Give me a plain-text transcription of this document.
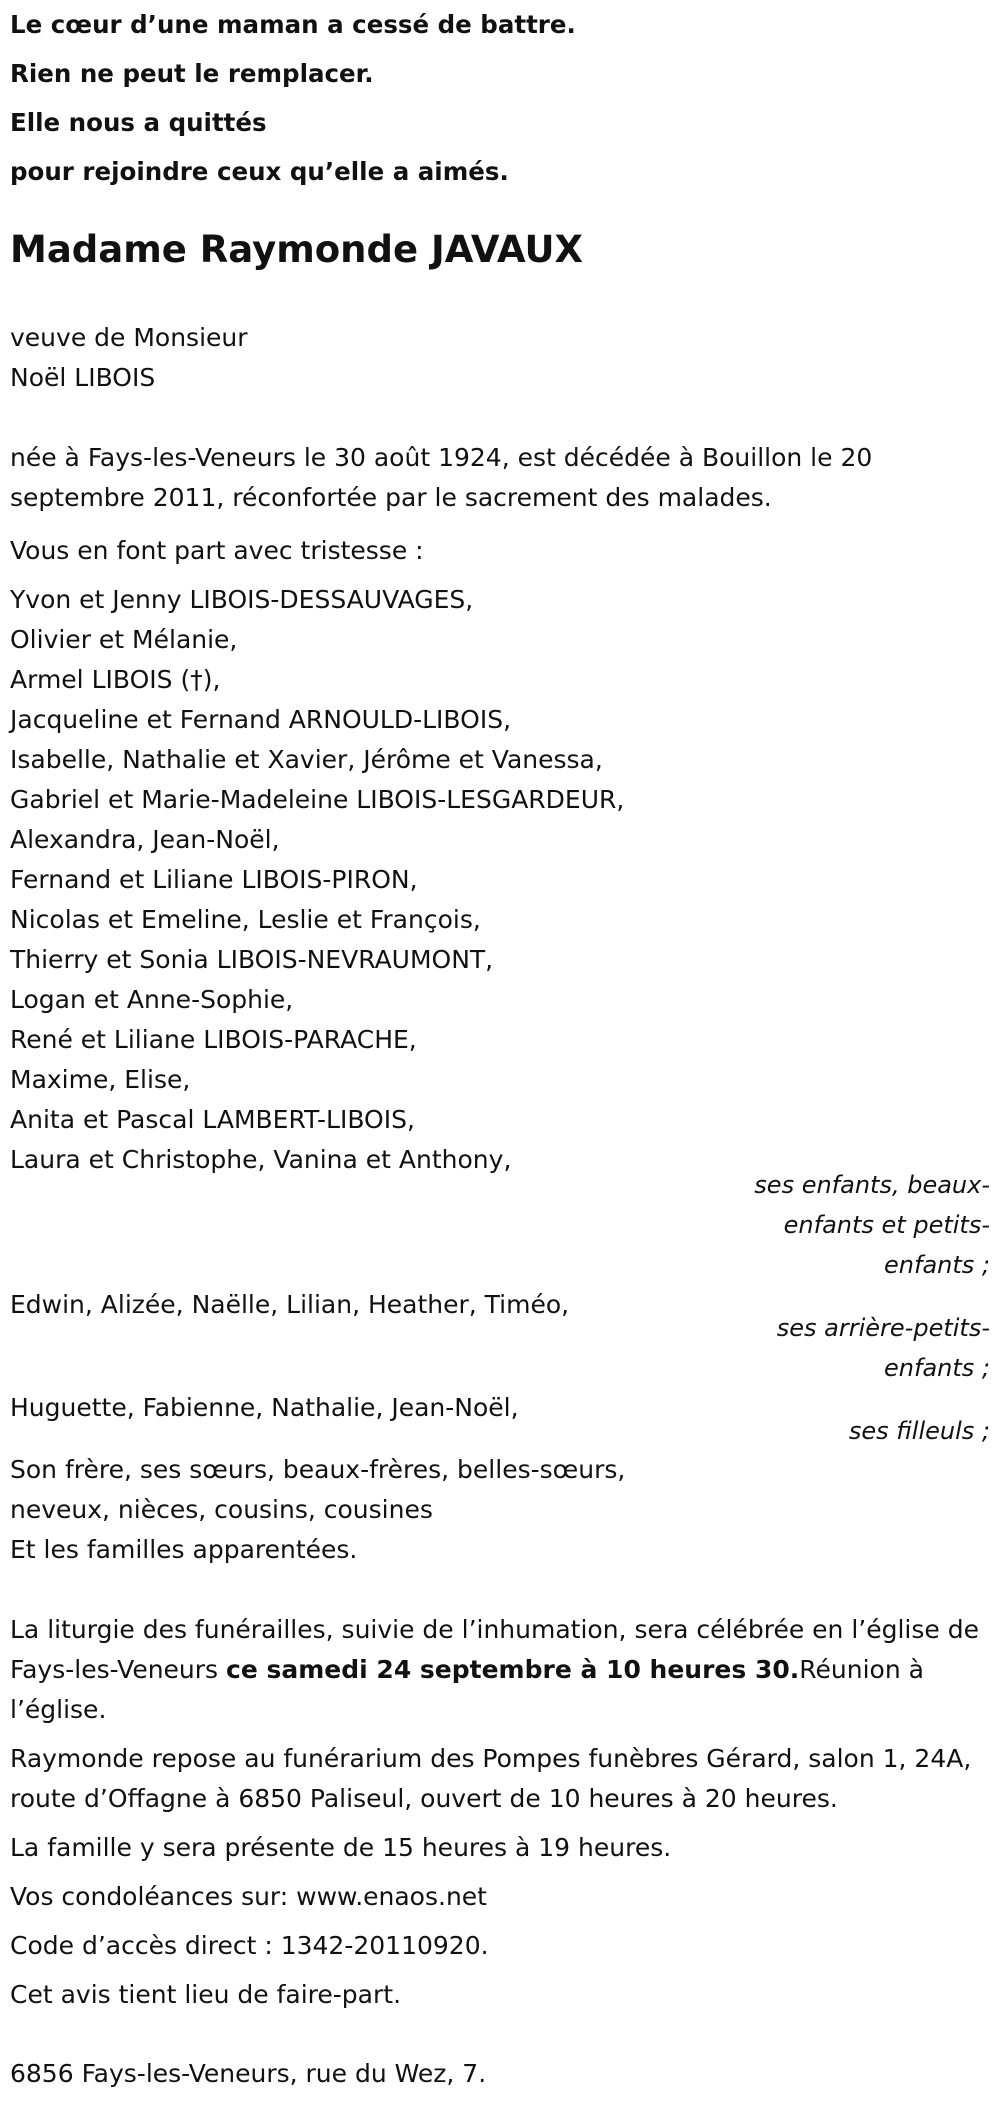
Le cœur d’une maman a cessé de battre.
Rien ne peut le remplacer.
Elle nous a quittés
pour rejoindre ceux qu’elle a aimés.
Madame Raymonde JAVAUX
veuve de Monsieur
Noël LIBOIS
née à Fays-les-Veneurs le 30 août 1924, est décédée à Bouillon le 20 septembre 2011, réconfortée par le sacrement des malades.
Vous en font part avec tristesse :
Yvon et Jenny LIBOIS-DESSAUVAGES,
Olivier et Mélanie,
Armel LIBOIS (†),
Jacqueline et Fernand ARNOULD-LIBOIS,
Isabelle, Nathalie et Xavier, Jérôme et Vanessa,
Gabriel et Marie-Madeleine LIBOIS-LESGARDEUR,
Alexandra, Jean-Noël,
Fernand et Liliane LIBOIS-PIRON,
Nicolas et Emeline, Leslie et François,
Thierry et Sonia LIBOIS-NEVRAUMONT,
Logan et Anne-Sophie,
René et Liliane LIBOIS-PARACHE,
Maxime, Elise,
Anita et Pascal LAMBERT-LIBOIS,
Laura et Christophe, Vanina et Anthony,
ses enfants, beaux-
enfants et petits-
enfants ;
Edwin, Alizée, Naëlle, Lilian, Heather, Timéo,
ses arrière-petits-
enfants ;
Huguette, Fabienne, Nathalie, Jean-Noël,
ses filleuls ;
Son frère, ses sœurs, beaux-frères, belles-sœurs,
neveux, nièces, cousins, cousines
Et les familles apparentées.
La liturgie des funérailles, suivie de l’inhumation, sera célébrée en l’église de Fays-les-Veneurs ce samedi 24 septembre à 10 heures 30.Réunion à l’église.
Raymonde repose au funérarium des Pompes funèbres Gérard, salon 1, 24A, route d’Offagne à 6850 Paliseul, ouvert de 10 heures à 20 heures.
La famille y sera présente de 15 heures à 19 heures.
Vos condoléances sur: www.enaos.net
Code d’accès direct : 1342-20110920.
Cet avis tient lieu de faire-part.
6856 Fays-les-Veneurs, rue du Wez, 7.
